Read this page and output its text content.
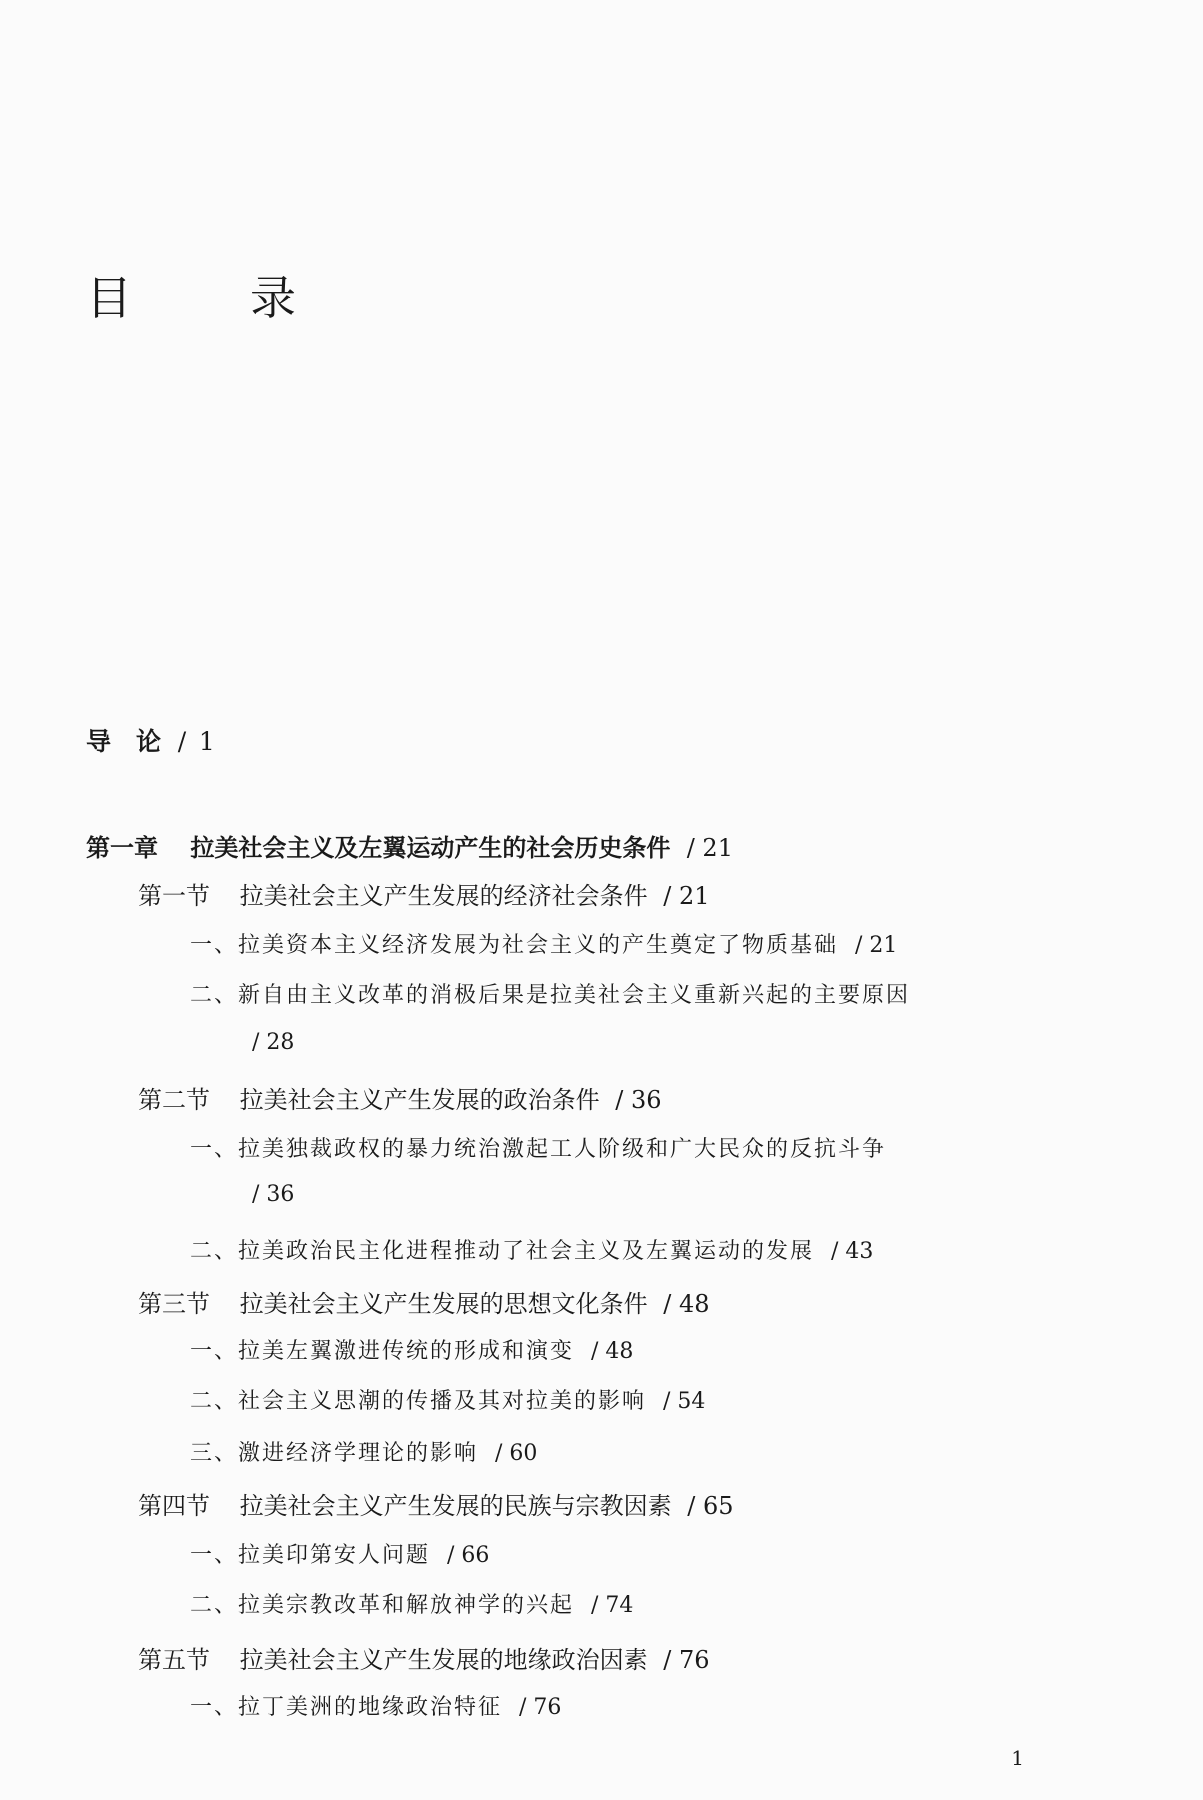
目　录
导　论 / 1
第一章 拉美社会主义及左翼运动产生的社会历史条件 / 21
第一节 拉美社会主义产生发展的经济社会条件 / 21
一、拉美资本主义经济发展为社会主义的产生奠定了物质基础 / 21
二、新自由主义改革的消极后果是拉美社会主义重新兴起的主要原因
/ 28
第二节 拉美社会主义产生发展的政治条件 / 36
一、拉美独裁政权的暴力统治激起工人阶级和广大民众的反抗斗争
/ 36
二、拉美政治民主化进程推动了社会主义及左翼运动的发展 / 43
第三节 拉美社会主义产生发展的思想文化条件 / 48
一、拉美左翼激进传统的形成和演变 / 48
二、社会主义思潮的传播及其对拉美的影响 / 54
三、激进经济学理论的影响 / 60
第四节 拉美社会主义产生发展的民族与宗教因素 / 65
一、拉美印第安人问题 / 66
二、拉美宗教改革和解放神学的兴起 / 74
第五节 拉美社会主义产生发展的地缘政治因素 / 76
一、拉丁美洲的地缘政治特征 / 76
1
